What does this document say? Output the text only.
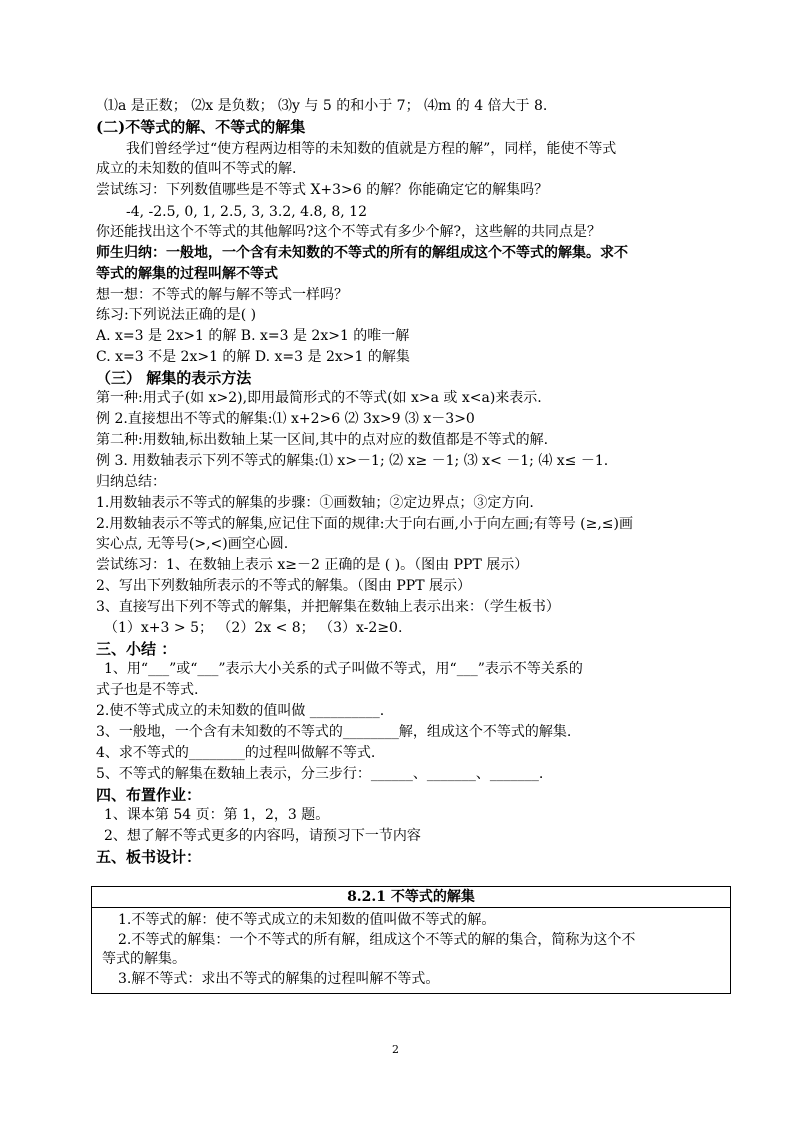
⑴a 是正数； ⑵x 是负数； ⑶y 与 5 的和小于 7； ⑷m 的 4 倍大于 8.
(二)不等式的解、不等式的解集
我们曾经学过“使方程两边相等的未知数的值就是方程的解”，同样，能使不等式
成立的未知数的值叫不等式的解.
尝试练习：下列数值哪些是不等式 X+3>6 的解？你能确定它的解集吗？
-4, -2.5, 0, 1, 2.5, 3, 3.2, 4.8, 8, 12
你还能找出这个不等式的其他解吗?这个不等式有多少个解?，这些解的共同点是？
师生归纳：一般地，一个含有未知数的不等式的所有的解组成这个不等式的解集。求不
等式的解集的过程叫解不等式
想一想：不等式的解与解不等式一样吗？
练习:下列说法正确的是( )
A. x=3 是 2x>1 的解 B. x=3 是 2x>1 的唯一解
C. x=3 不是 2x>1 的解 D. x=3 是 2x>1 的解集
（三） 解集的表示方法
第一种:用式子(如 x>2),即用最简形式的不等式(如 x>a 或 x<a)来表示.
例 2.直接想出不等式的解集:⑴ x+2>6 ⑵ 3x>9 ⑶ x－3>0
第二种:用数轴,标出数轴上某一区间,其中的点对应的数值都是不等式的解.
例 3. 用数轴表示下列不等式的解集:⑴ x>－1; ⑵ x≥ －1; ⑶ x< －1; ⑷ x≤ －1.
归纳总结：
1.用数轴表示不等式的解集的步骤：①画数轴；②定边界点；③定方向.
2.用数轴表示不等式的解集,应记住下面的规律:大于向右画,小于向左画;有等号 (≥,≤)画
实心点, 无等号(>,<)画空心圆.
尝试练习：1、在数轴上表示 x≥－2 正确的是 ( )。（图由 PPT 展示）
2、写出下列数轴所表示的不等式的解集。（图由 PPT 展示）
3、直接写出下列不等式的解集，并把解集在数轴上表示出来：（学生板书）
（1）x+3 > 5； （2）2x < 8； （3）x-2≥0.
三、小结 ：
1、用“___”或“___”表示大小关系的式子叫做不等式，用“___”表示不等关系的
式子也是不等式.
2.使不等式成立的未知数的值叫做 __________.
3、一般地，一个含有未知数的不等式的________解，组成这个不等式的解集.
4、求不等式的________的过程叫做解不等式.
5、不等式的解集在数轴上表示，分三步行：______、_______、_______.
四、布置作业：
1、课本第 54 页：第 1，2，3 题。
2、想了解不等式更多的内容吗，请预习下一节内容
五、板书设计：
8.2.1 不等式的解集
1.不等式的解：使不等式成立的未知数的值叫做不等式的解。
2.不等式的解集：一个不等式的所有解，组成这个不等式的解的集合，简称为这个不
等式的解集。
3.解不等式：求出不等式的解集的过程叫解不等式。
2
